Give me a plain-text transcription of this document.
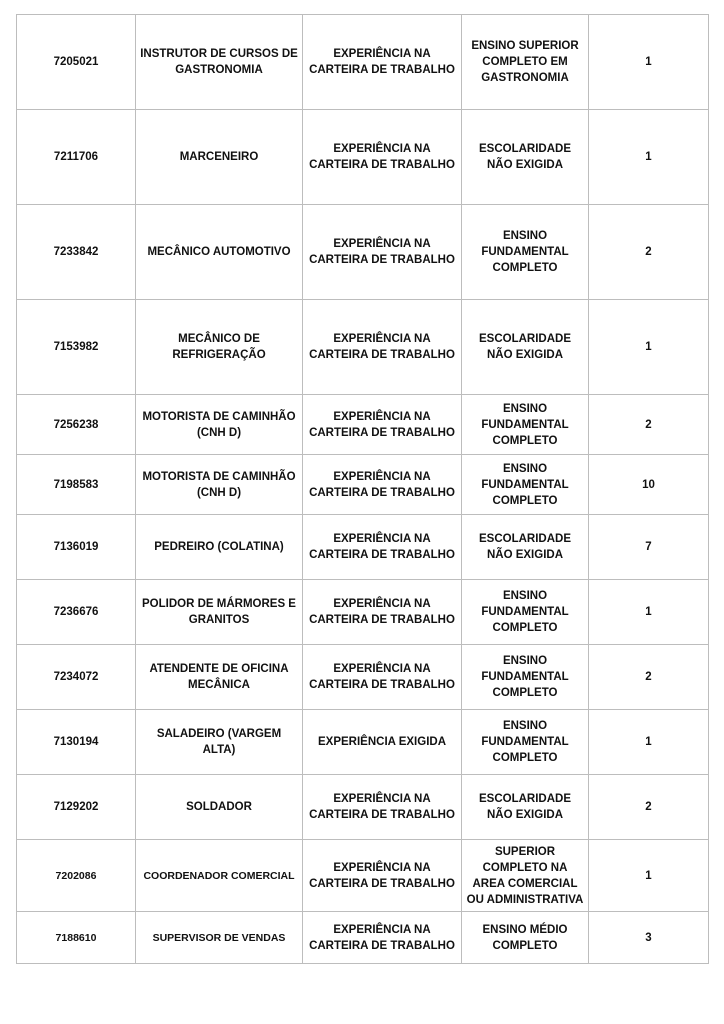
7205021	INSTRUTOR DE CURSOS DE GASTRONOMIA	EXPERIÊNCIA NA CARTEIRA DE TRABALHO	ENSINO SUPERIOR COMPLETO EM GASTRONOMIA	1
7211706	MARCENEIRO	EXPERIÊNCIA NA CARTEIRA DE TRABALHO	ESCOLARIDADE NÃO EXIGIDA	1
7233842	MECÂNICO AUTOMOTIVO	EXPERIÊNCIA NA CARTEIRA DE TRABALHO	ENSINO FUNDAMENTAL COMPLETO	2
7153982	MECÂNICO DE REFRIGERAÇÃO	EXPERIÊNCIA NA CARTEIRA DE TRABALHO	ESCOLARIDADE NÃO EXIGIDA	1
7256238	MOTORISTA DE CAMINHÃO (CNH D)	EXPERIÊNCIA NA CARTEIRA DE TRABALHO	ENSINO FUNDAMENTAL COMPLETO	2
7198583	MOTORISTA DE CAMINHÃO (CNH D)	EXPERIÊNCIA NA CARTEIRA DE TRABALHO	ENSINO FUNDAMENTAL COMPLETO	10
7136019	PEDREIRO (COLATINA)	EXPERIÊNCIA NA CARTEIRA DE TRABALHO	ESCOLARIDADE NÃO EXIGIDA	7
7236676	POLIDOR DE MÁRMORES E GRANITOS	EXPERIÊNCIA NA CARTEIRA DE TRABALHO	ENSINO FUNDAMENTAL COMPLETO	1
7234072	ATENDENTE DE OFICINA MECÂNICA	EXPERIÊNCIA NA CARTEIRA DE TRABALHO	ENSINO FUNDAMENTAL COMPLETO	2
7130194	SALADEIRO (VARGEM ALTA)	EXPERIÊNCIA EXIGIDA	ENSINO FUNDAMENTAL COMPLETO	1
7129202	SOLDADOR	EXPERIÊNCIA NA CARTEIRA DE TRABALHO	ESCOLARIDADE NÃO EXIGIDA	2
7202086	COORDENADOR COMERCIAL	EXPERIÊNCIA NA CARTEIRA DE TRABALHO	SUPERIOR COMPLETO NA AREA COMERCIAL OU ADMINISTRATIVA	1
7188610	SUPERVISOR DE VENDAS	EXPERIÊNCIA NA CARTEIRA DE TRABALHO	ENSINO MÉDIO COMPLETO	3
